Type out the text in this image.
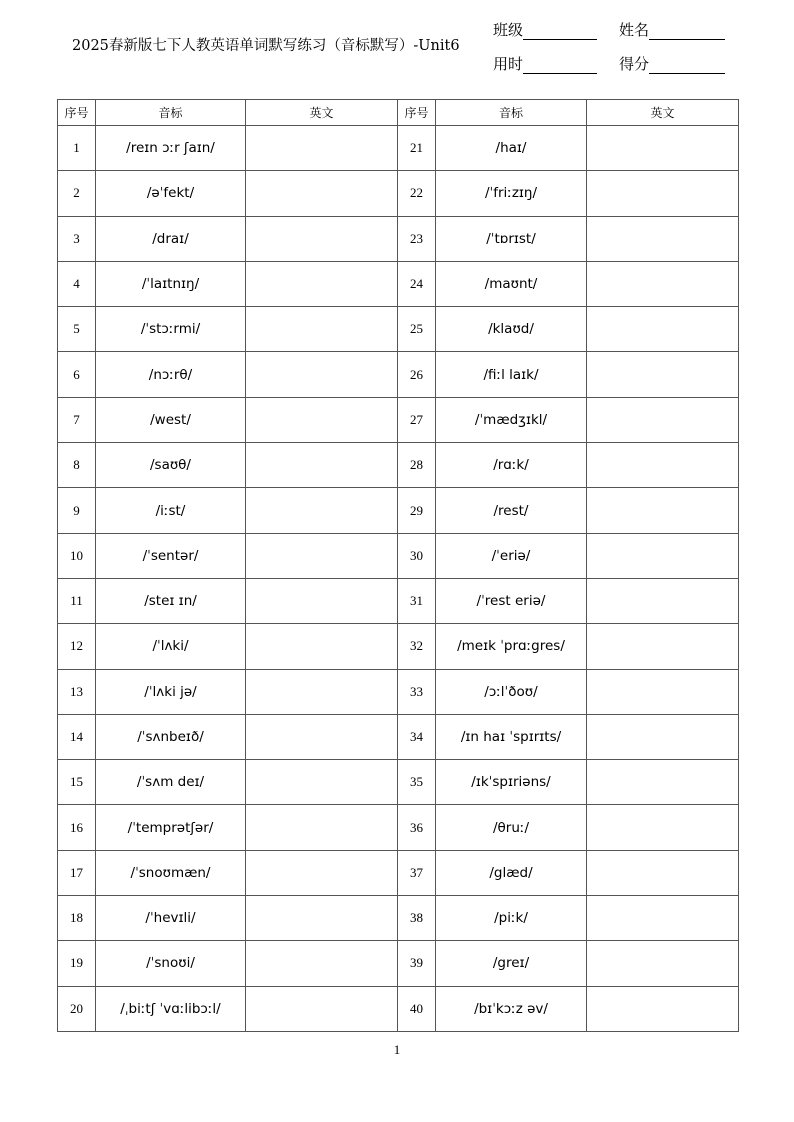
2025春新版七下人教英语单词默写练习（音标默写）-Unit6
班级	姓名
用时	得分
序号	音标	英文	序号	音标	英文
1	/reɪn ɔːr ʃaɪn/		21	/haɪ/	
2	/əˈfekt/		22	/ˈfriːzɪŋ/	
3	/draɪ/		23	/ˈtɒrɪst/	
4	/ˈlaɪtnɪŋ/		24	/maʊnt/	
5	/ˈstɔːrmi/		25	/klaʊd/	
6	/nɔːrθ/		26	/fiːl laɪk/	
7	/west/		27	/ˈmædʒɪkl/	
8	/saʊθ/		28	/rɑːk/	
9	/iːst/		29	/rest/	
10	/ˈsentər/		30	/ˈeriə/	
11	/steɪ ɪn/		31	/ˈrest eriə/	
12	/ˈlʌki/		32	/meɪk ˈprɑːgres/	
13	/ˈlʌki jə/		33	/ɔːlˈðoʊ/	
14	/ˈsʌnbeɪð/		34	/ɪn haɪ ˈspɪrɪts/	
15	/ˈsʌm deɪ/		35	/ɪkˈspɪriəns/	
16	/ˈtemprətʃər/		36	/θruː/	
17	/ˈsnoʊmæn/		37	/glæd/	
18	/ˈhevɪli/		38	/piːk/	
19	/ˈsnoʊi/		39	/greɪ/	
20	/ˌbiːtʃ ˈvɑːlibɔːl/		40	/bɪˈkɔːz əv/	
1
